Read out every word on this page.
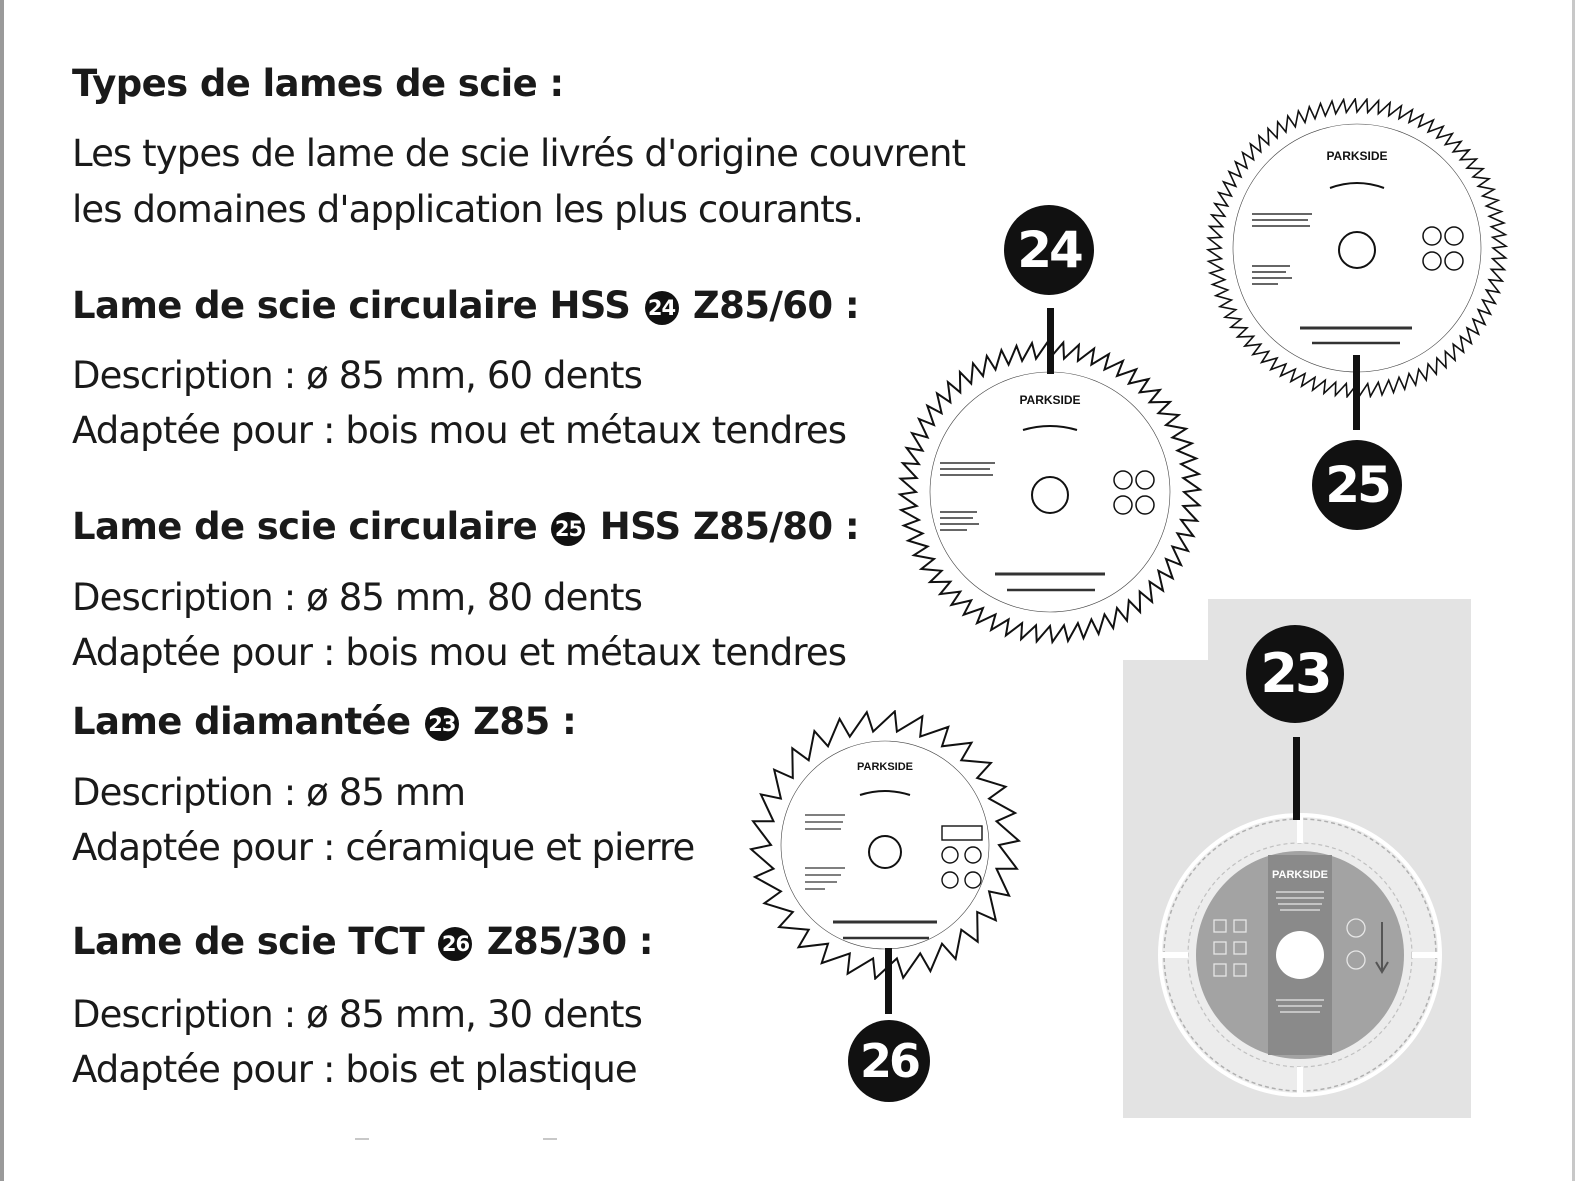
Types de lames de scie :
Les types de lame de scie livrés d'origine couvrent
les domaines d'application les plus courants.
Lame de scie circulaire HSS 24 Z85/60 :
Description : ø 85 mm, 60 dents
Adaptée pour : bois mou et métaux tendres
Lame de scie circulaire 25 HSS Z85/80 :
Description : ø 85 mm, 80 dents
Adaptée pour : bois mou et métaux tendres
Lame diamantée 23 Z85 :
Description : ø 85 mm
Adaptée pour : céramique et pierre
Lame de scie TCT 26 Z85/30 :
Description : ø 85 mm, 30 dents
Adaptée pour : bois et plastique
PARKSIDE
PARKSIDE
PARKSIDE
PARKSIDE
24
25
23
26
